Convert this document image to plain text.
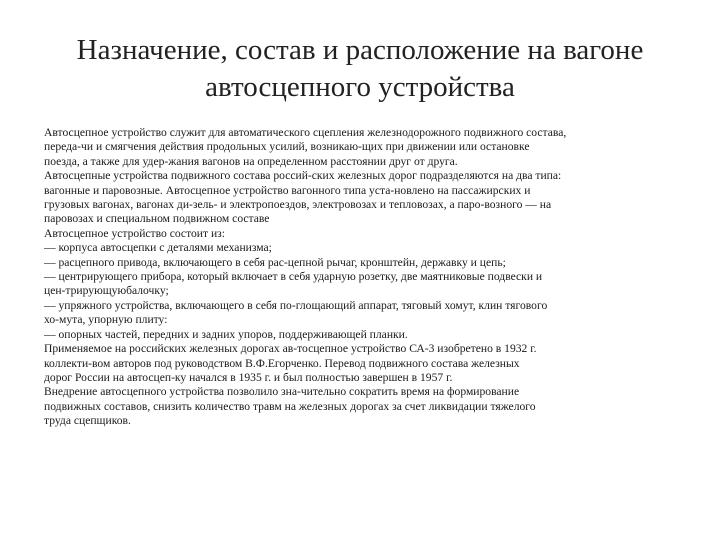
Назначение, состав и расположение на вагоне
автосцепного устройства

Автосцепное устройство служит для автоматического сцепления железнодорожного подвижного состава,
переда-чи и смягчения действия продольных усилий, возникаю-щих при движении или остановке
поезда, а также для удер-жания вагонов на определенном расстоянии друг от друга.

Автосцепные устройства подвижного состава россий-ских железных дорог подразделяются на два типа:
вагонные и паровозные. Автосцепное устройство вагонного типа уста-новлено на пассажирских и
грузовых вагонах, вагонах ди-зель- и электропоездов, электровозах и тепловозах, а паро-возного — на
паровозах и специальном подвижном составе

Автосцепное устройство состоит из:

— корпуса автосцепки с деталями механизма;

— расцепного привода, включающего в себя рас-цепной рычаг, кронштейн, державку и цепь;

— центрирующего прибора, который включает в себя ударную розетку, две маятниковые подвески и
цен-трирующуюбалочку;

— упряжного устройства, включающего в себя по-глощающий аппарат, тяговый хомут, клин тягового
хо-мута, упорную плиту:

— опорных частей, передних и задних упоров, поддерживающей планки.

Применяемое на российских железных дорогах ав-тосцепное устройство СА-3 изобретено в 1932 г.
коллекти-вом авторов под руководством В.Ф.Егорченко. Перевод подвижного состава железных
дорог России на автосцеп-ку начался в 1935 г. и был полностью завершен в 1957 г.

Внедрение автосцепного устройства позволило зна-чительно сократить время на формирование
подвижных составов, снизить количество травм на железных дорогах за счет ликвидации тяжелого
труда сцепщиков.
